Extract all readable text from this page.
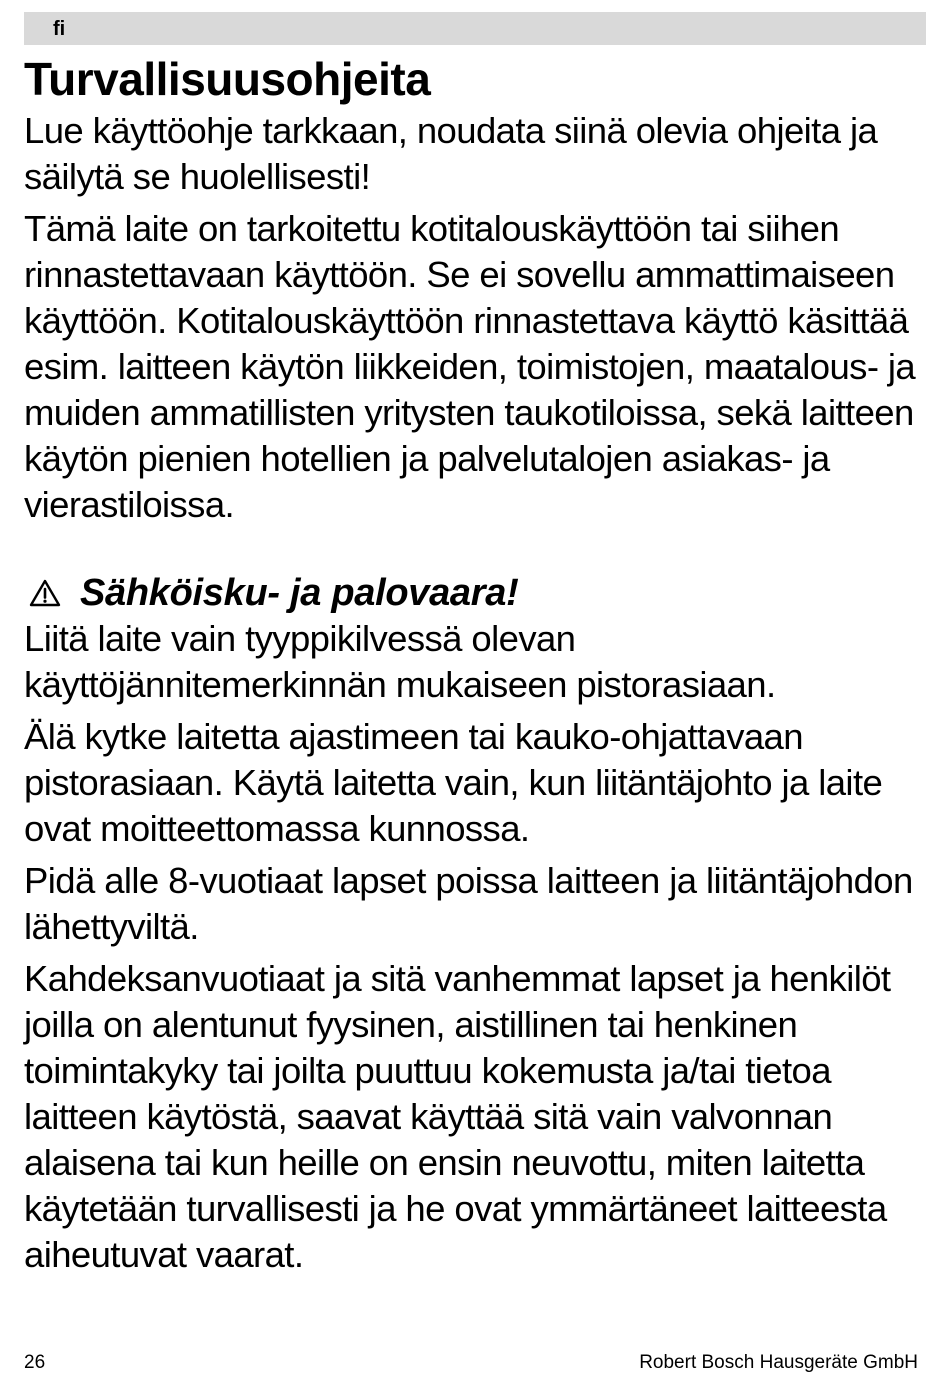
fi
Turvallisuusohjeita

Lue käyttöohje tarkkaan, noudata siinä olevia ohjeita ja säilytä se huolellisesti!

Tämä laite on tarkoitettu kotitalouskäyttöön tai siihen rinnastettavaan käyttöön. Se ei sovellu ammattimaiseen käyttöön. Kotitalouskäyttöön rinnastettava käyttö käsittää esim. laitteen käytön liikkeiden, toimistojen, maatalous- ja muiden ammatillisten yritysten taukotiloissa, sekä laitteen käytön pienien hotellien ja palvelutalojen asiakas- ja vierastiloissa.

Sähköisku- ja palovaara!

Liitä laite vain tyyppikilvessä olevan käyttöjännitemerkinnän mukaiseen pistorasiaan.

Älä kytke laitetta ajastimeen tai kauko-ohjattavaan pistorasiaan. Käytä laitetta vain, kun liitäntäjohto ja laite ovat moitteettomassa kunnossa.

Pidä alle 8-vuotiaat lapset poissa laitteen ja liitäntäjohdon lähettyviltä.

Kahdeksanvuotiaat ja sitä vanhemmat lapset ja henkilöt joilla on alentunut fyysinen, aistillinen tai henkinen toimintakyky tai joilta puuttuu kokemusta ja/tai tietoa laitteen käytöstä, saavat käyttää sitä vain valvonnan alaisena tai kun heille on ensin neuvottu, miten laitetta käytetään turvallisesti ja he ovat ymmärtäneet laitteesta aiheutuvat vaarat.

26	Robert Bosch Hausgeräte GmbH
